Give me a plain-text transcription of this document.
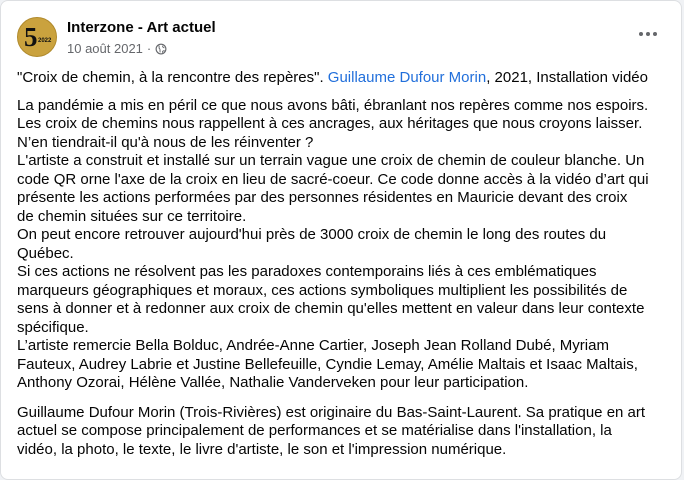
5 2022
Interzone - Art actuel
10 août 2021 ·

"Croix de chemin, à la rencontre des repères". Guillaume Dufour Morin, 2021, Installation vidéo

La pandémie a mis en péril ce que nous avons bâti, ébranlant nos repères comme nos espoirs.

Les croix de chemins nous rappellent à ces ancrages, aux héritages que nous croyons laisser.

N’en tiendrait-il qu'à nous de les réinventer ?

L'artiste a construit et installé sur un terrain vague une croix de chemin de couleur blanche. Un

code QR orne l'axe de la croix en lieu de sacré-coeur. Ce code donne accès à la vidéo d’art qui

présente les actions performées par des personnes résidentes en Mauricie devant des croix

de chemin situées sur ce territoire.

On peut encore retrouver aujourd'hui près de 3000 croix de chemin le long des routes du

Québec.

Si ces actions ne résolvent pas les paradoxes contemporains liés à ces emblématiques

marqueurs géographiques et moraux, ces actions symboliques multiplient les possibilités de

sens à donner et à redonner aux croix de chemin qu'elles mettent en valeur dans leur contexte

spécifique.

L’artiste remercie Bella Bolduc, Andrée-Anne Cartier, Joseph Jean Rolland Dubé, Myriam

Fauteux, Audrey Labrie et Justine Bellefeuille, Cyndie Lemay, Amélie Maltais et Isaac Maltais,

Anthony Ozorai, Hélène Vallée, Nathalie Vanderveken pour leur participation.

Guillaume Dufour Morin (Trois-Rivières) est originaire du Bas-Saint-Laurent. Sa pratique en art

actuel se compose principalement de performances et se matérialise dans l'installation, la

vidéo, la photo, le texte, le livre d'artiste, le son et l'impression numérique.
